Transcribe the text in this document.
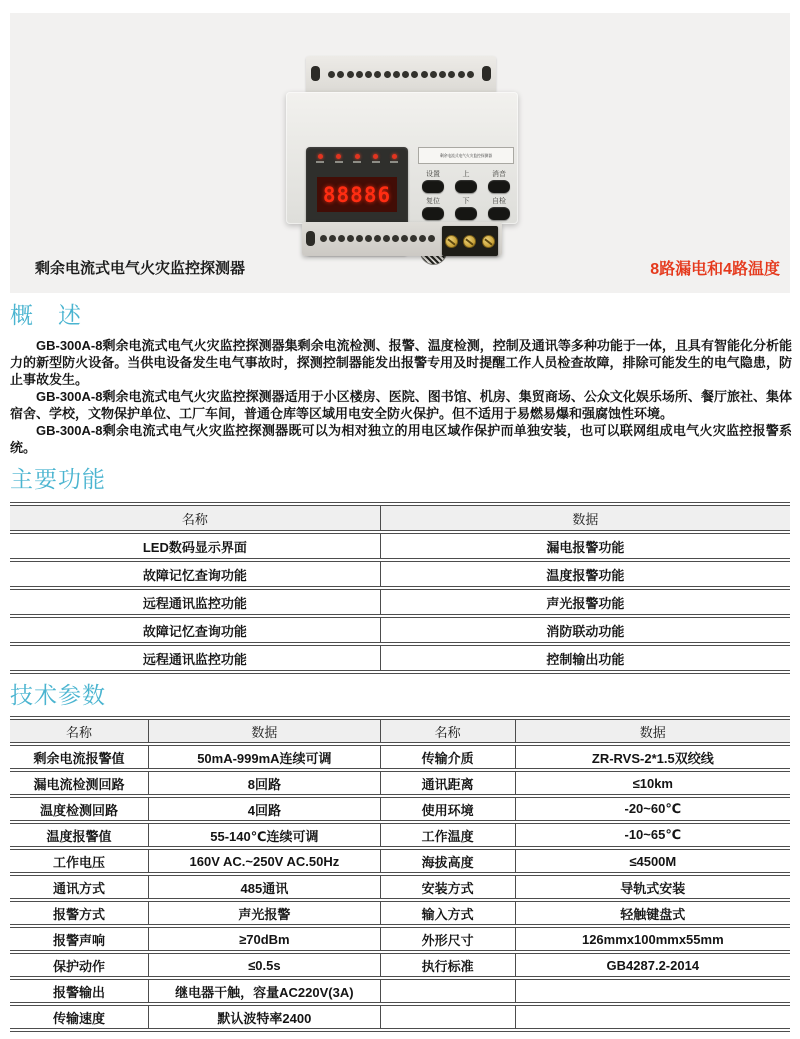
88886
剩余电流式电气火灾监控探测器
设置	上	消音
复位	下	自检
剩余电流式电气火灾监控探测器	8路漏电和4路温度
概　述

GB-300A-8剩余电流式电气火灾监控探测器集剩余电流检测、报警、温度检测，控制及通讯等多种功能于一体，且具有智能化分析能力的新型防火设备。当供电设备发生电气事故时，探测控制器能发出报警专用及时提醒工作人员检查故障，排除可能发生的电气隐患，防止事故发生。

GB-300A-8剩余电流式电气火灾监控探测器适用于小区楼房、医院、图书馆、机房、集贸商场、公众文化娱乐场所、餐厅旅社、集体宿舍、学校，文物保护单位、工厂车间，普通仓库等区域用电安全防火保护。但不适用于易燃易爆和强腐蚀性环境。

GB-300A-8剩余电流式电气火灾监控探测器既可以为相对独立的用电区域作保护而单独安装，也可以联网组成电气火灾监控报警系统。

主要功能
名称	数据
LED数码显示界面	漏电报警功能
故障记忆查询功能	温度报警功能
远程通讯监控功能	声光报警功能
故障记忆查询功能	消防联动功能
远程通讯监控功能	控制输出功能
技术参数
名称	数据	名称	数据
剩余电流报警值	50mA-999mA连续可调	传输介质	ZR-RVS-2*1.5双绞线
漏电流检测回路	8回路	通讯距离	≤10km
温度检测回路	4回路	使用环境	-20~60℃
温度报警值	55-140℃连续可调	工作温度	-10~65℃
工作电压	160V AC.~250V AC.50Hz	海拔高度	≤4500M
通讯方式	485通讯	安装方式	导轨式安装
报警方式	声光报警	输入方式	轻触键盘式
报警声响	≥70dBm	外形尺寸	126mmx100mmx55mm
保护动作	≤0.5s	执行标准	GB4287.2-2014
报警输出	继电器干触，容量AC220V(3A)
传输速度	默认波特率2400
